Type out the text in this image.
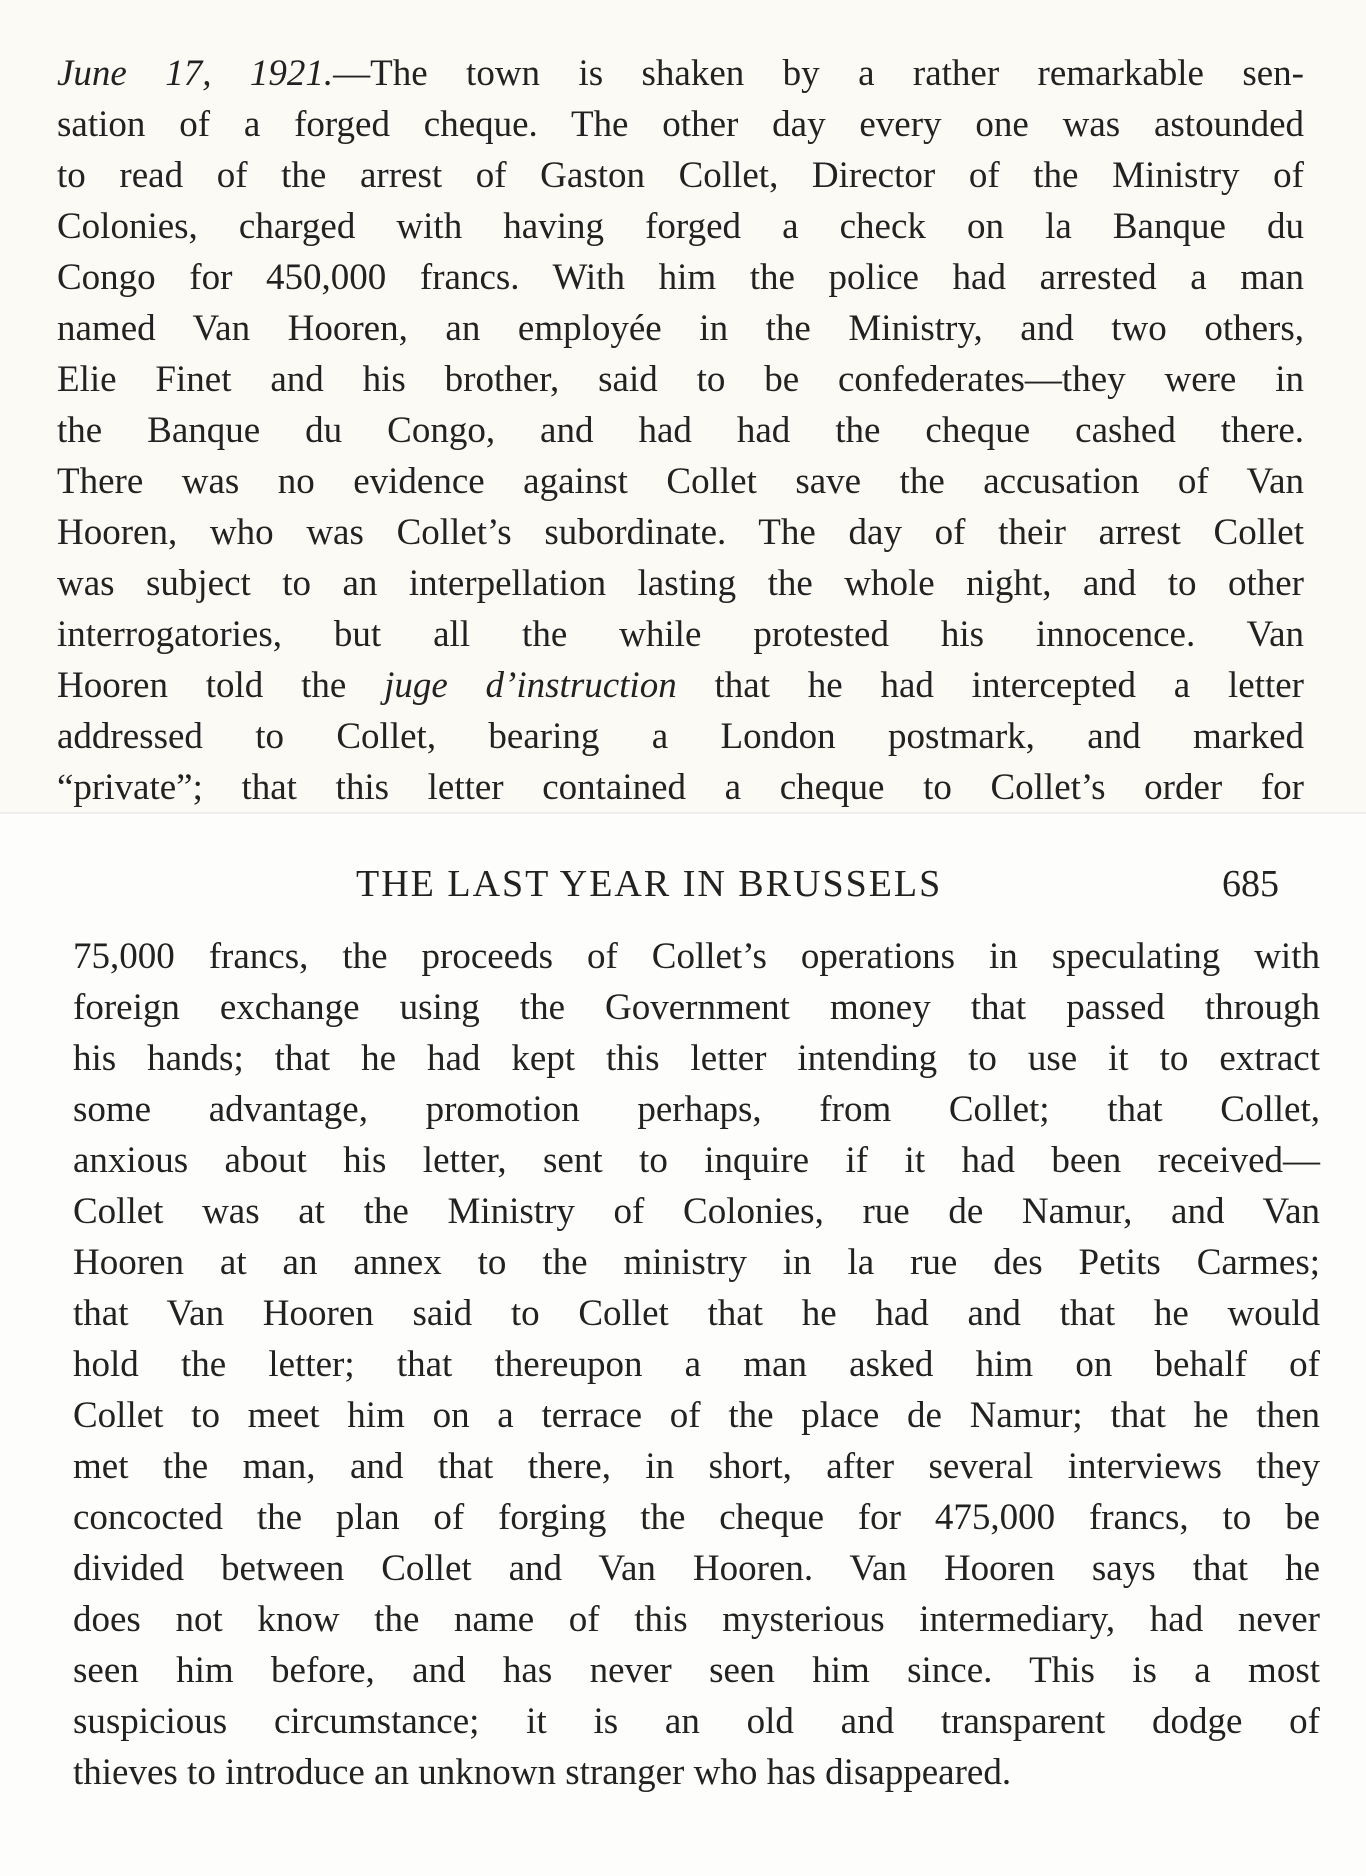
June 17, 1921.—The town is shaken by a rather remarkable sen-
sation of a forged cheque. The other day every one was astounded
to read of the arrest of Gaston Collet, Director of the Ministry of
Colonies, charged with having forged a check on la Banque du
Congo for 450,000 francs. With him the police had arrested a man
named Van Hooren, an employée in the Ministry, and two others,
Elie Finet and his brother, said to be confederates—they were in
the Banque du Congo, and had had the cheque cashed there.
There was no evidence against Collet save the accusation of Van
Hooren, who was Collet’s subordinate. The day of their arrest Collet
was subject to an interpellation lasting the whole night, and to other
interrogatories, but all the while protested his innocence. Van
Hooren told the juge d’instruction that he had intercepted a letter
addressed to Collet, bearing a London postmark, and marked
“private”; that this letter contained a cheque to Collet’s order for
THE LAST YEAR IN BRUSSELS	685
75,000 francs, the proceeds of Collet’s operations in speculating with
foreign exchange using the Government money that passed through
his hands; that he had kept this letter intending to use it to extract
some advantage, promotion perhaps, from Collet; that Collet,
anxious about his letter, sent to inquire if it had been received—
Collet was at the Ministry of Colonies, rue de Namur, and Van
Hooren at an annex to the ministry in la rue des Petits Carmes;
that Van Hooren said to Collet that he had and that he would
hold the letter; that thereupon a man asked him on behalf of
Collet to meet him on a terrace of the place de Namur; that he then
met the man, and that there, in short, after several interviews they
concocted the plan of forging the cheque for 475,000 francs, to be
divided between Collet and Van Hooren. Van Hooren says that he
does not know the name of this mysterious intermediary, had never
seen him before, and has never seen him since. This is a most
suspicious circumstance; it is an old and transparent dodge of
thieves to introduce an unknown stranger who has disappeared.
